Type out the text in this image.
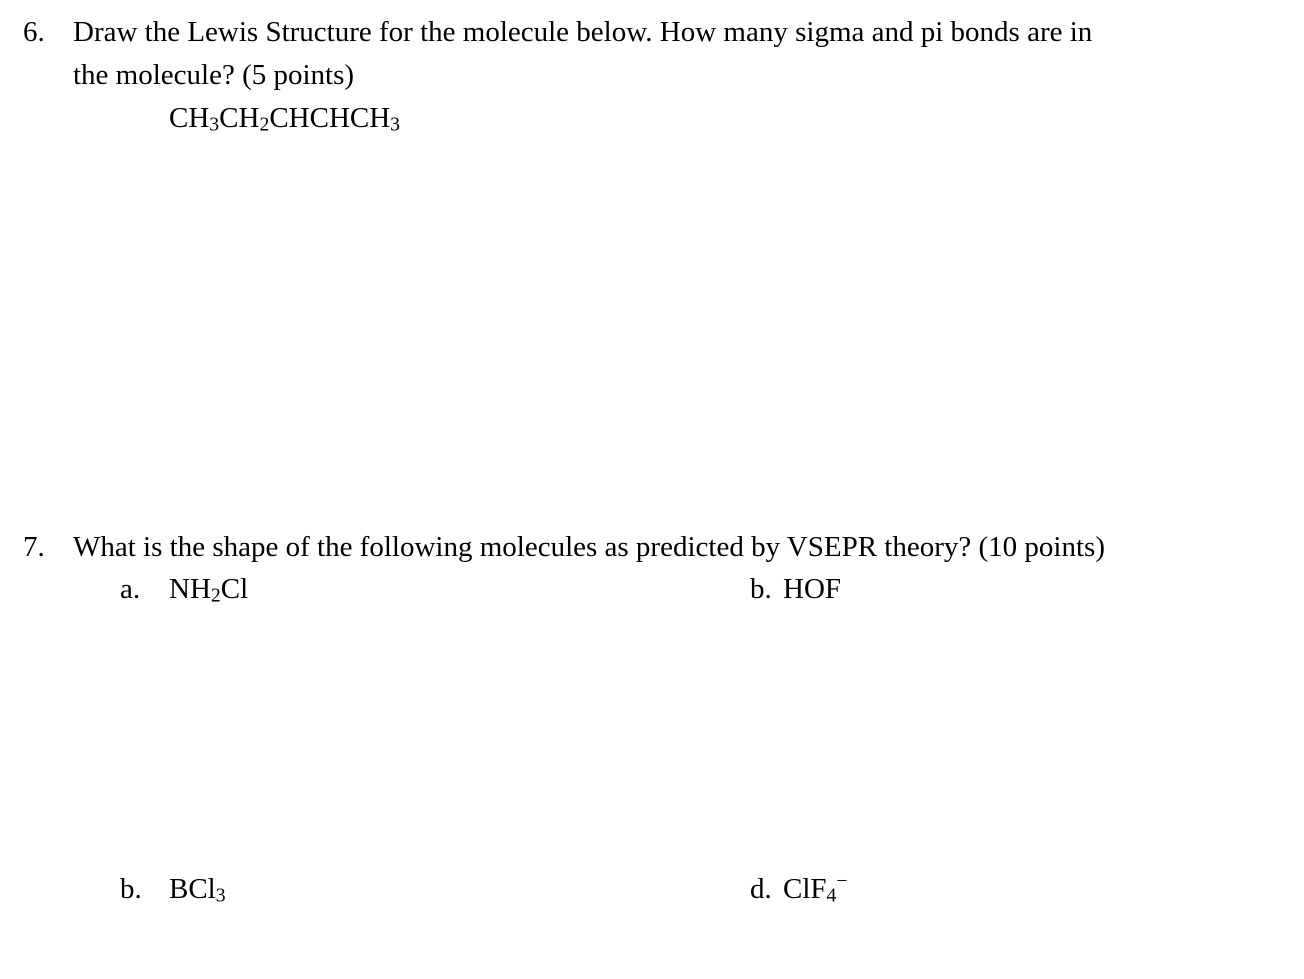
6. Draw the Lewis Structure for the molecule below. How many sigma and pi bonds are in
the molecule? (5 points)
$CH_3CH_2CHCHCH_3$
7. What is the shape of the following molecules as predicted by VSEPR theory? (10 points)
a. $NH_2Cl$	b. HOF
b. BCl$_3$	d. ClF$_4$−
